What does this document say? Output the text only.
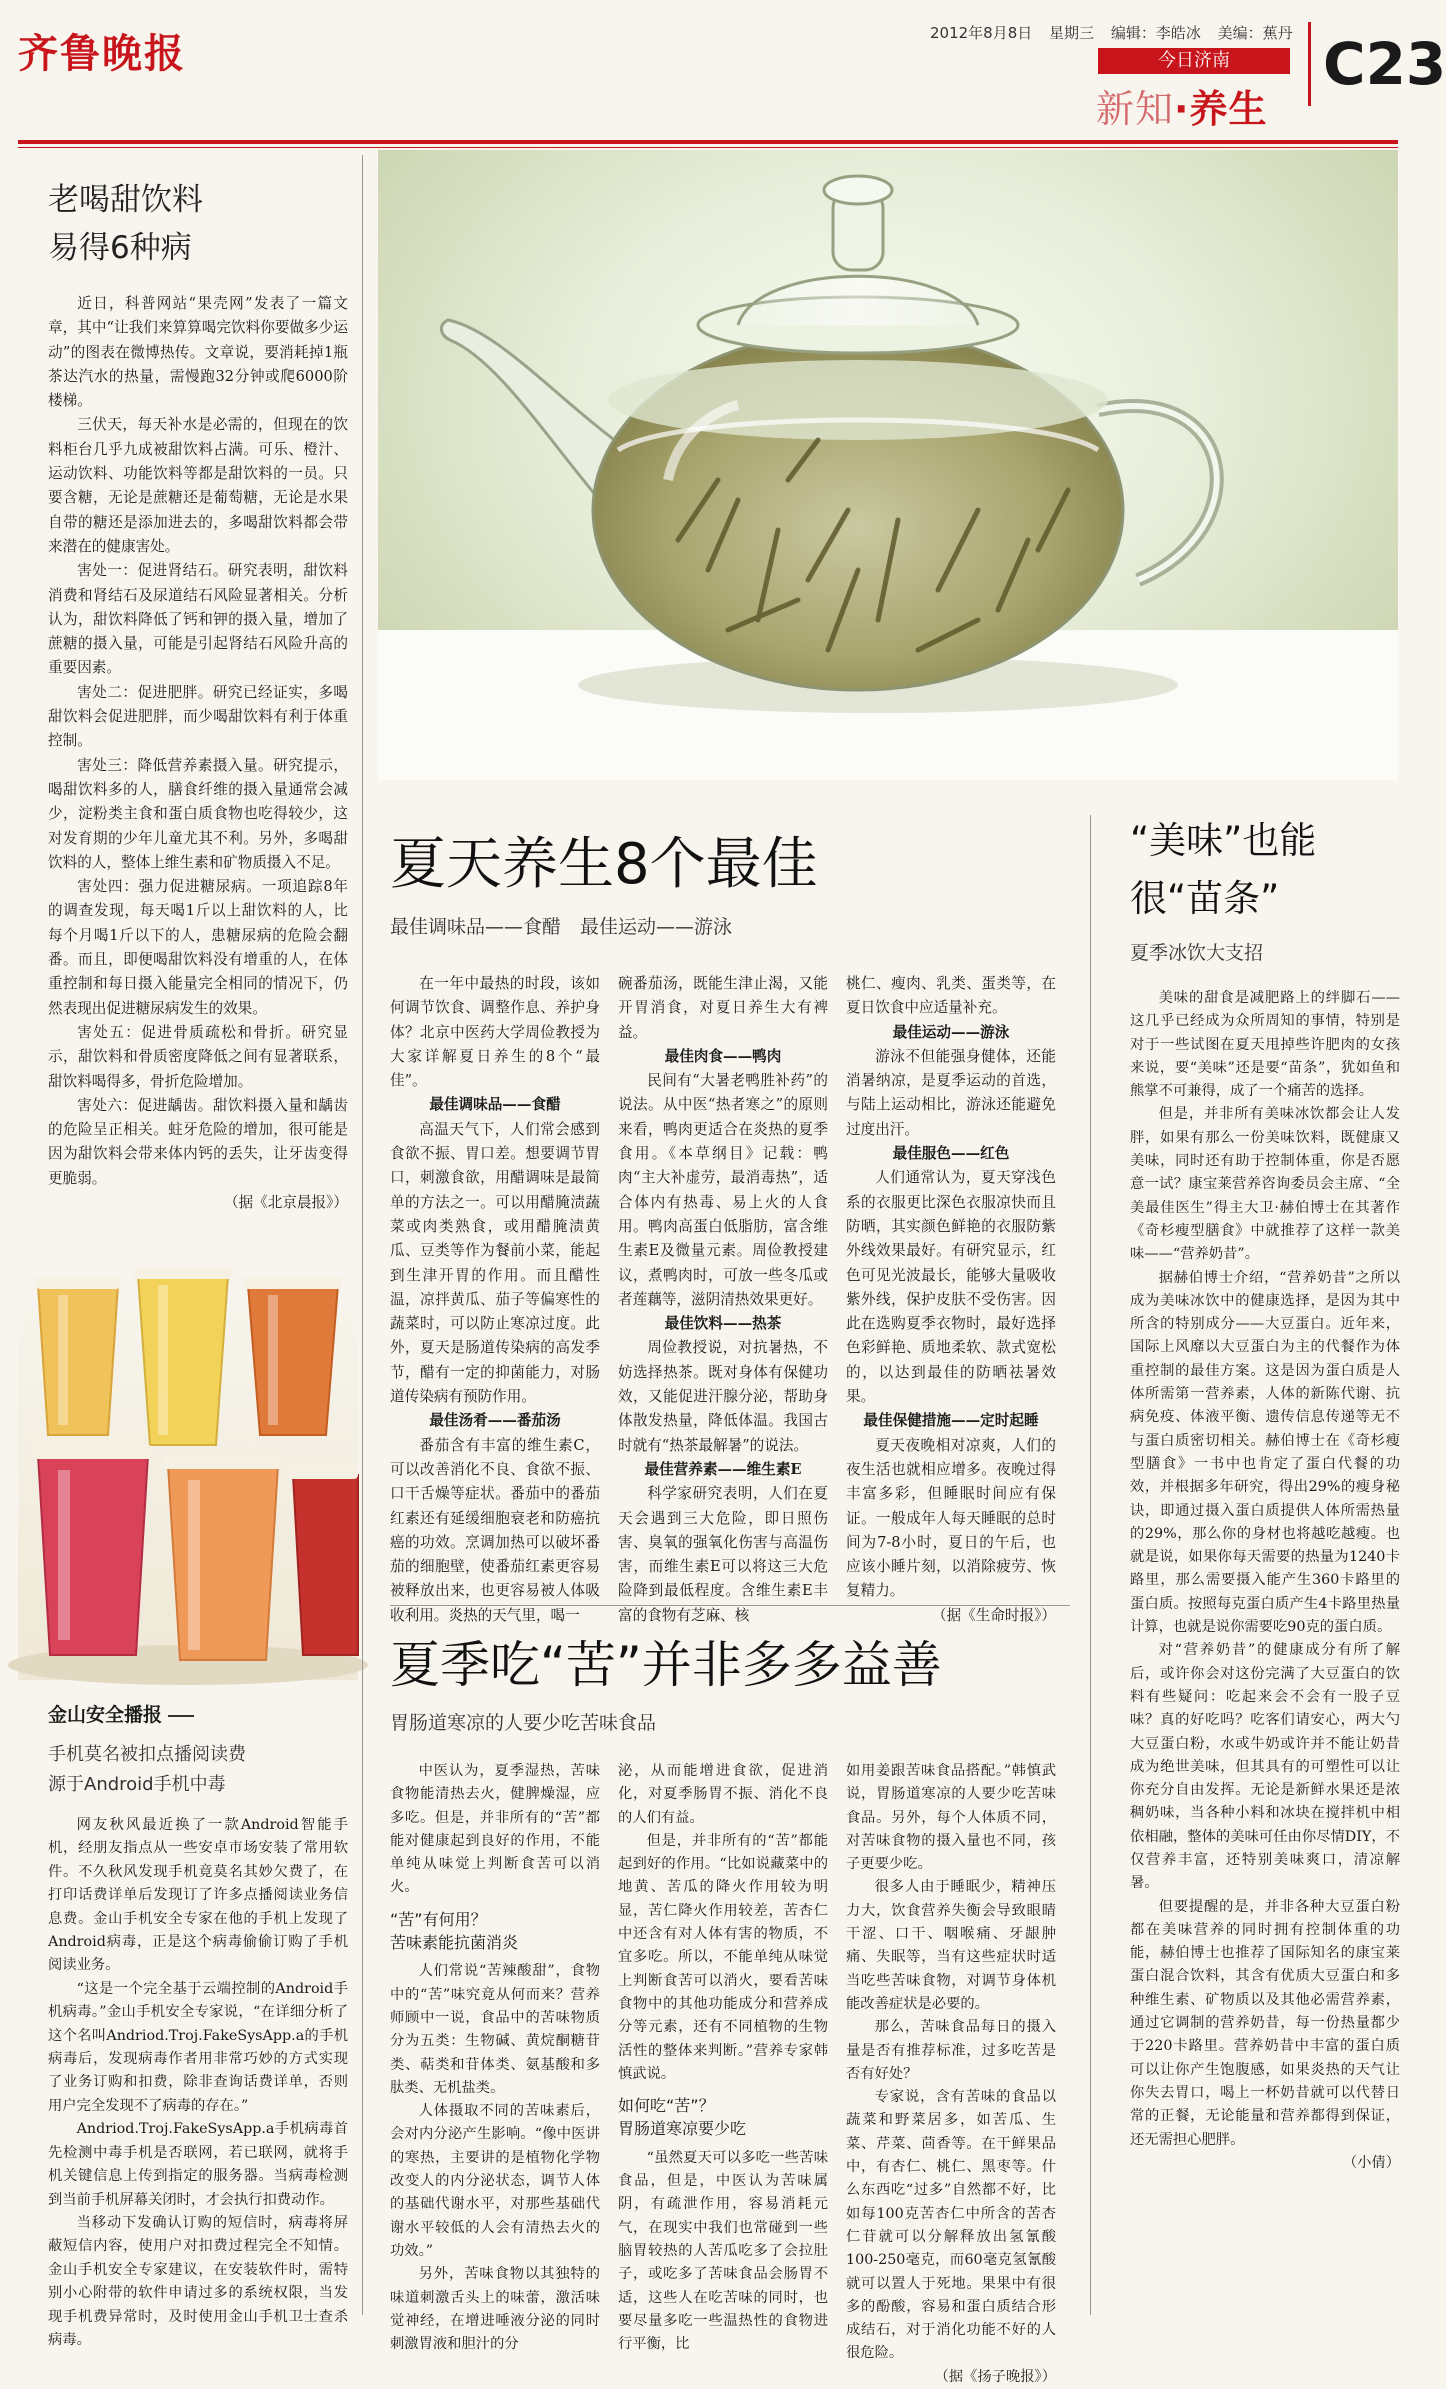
齐鲁晚报	2012年8月8日 星期三 编辑：李皓冰 美编：蕉丹
今日济南
新知·养生
C23
老喝甜饮料
易得6种病

近日，科普网站“果壳网”发表了一篇文章，其中“让我们来算算喝完饮料你要做多少运动”的图表在微博热传。文章说，要消耗掉1瓶茶达汽水的热量，需慢跑32分钟或爬6000阶楼梯。

三伏天，每天补水是必需的，但现在的饮料柜台几乎九成被甜饮料占满。可乐、橙汁、运动饮料、功能饮料等都是甜饮料的一员。只要含糖，无论是蔗糖还是葡萄糖，无论是水果自带的糖还是添加进去的，多喝甜饮料都会带来潜在的健康害处。

害处一：促进肾结石。研究表明，甜饮料消费和肾结石及尿道结石风险显著相关。分析认为，甜饮料降低了钙和钾的摄入量，增加了蔗糖的摄入量，可能是引起肾结石风险升高的重要因素。

害处二：促进肥胖。研究已经证实，多喝甜饮料会促进肥胖，而少喝甜饮料有利于体重控制。

害处三：降低营养素摄入量。研究提示，喝甜饮料多的人，膳食纤维的摄入量通常会减少，淀粉类主食和蛋白质食物也吃得较少，这对发育期的少年儿童尤其不利。另外，多喝甜饮料的人，整体上维生素和矿物质摄入不足。

害处四：强力促进糖尿病。一项追踪8年的调查发现，每天喝1斤以上甜饮料的人，比每个月喝1斤以下的人，患糖尿病的危险会翻番。而且，即便喝甜饮料没有增重的人，在体重控制和每日摄入能量完全相同的情况下，仍然表现出促进糖尿病发生的效果。

害处五：促进骨质疏松和骨折。研究显示，甜饮料和骨质密度降低之间有显著联系，甜饮料喝得多，骨折危险增加。

害处六：促进龋齿。甜饮料摄入量和龋齿的危险呈正相关。蛀牙危险的增加，很可能是因为甜饮料会带来体内钙的丢失，让牙齿变得更脆弱。

（据《北京晨报》）

金山安全播报
手机莫名被扣点播阅读费
源于Android手机中毒

网友秋风最近换了一款Android智能手机，经朋友指点从一些安卓市场安装了常用软件。不久秋风发现手机竟莫名其妙欠费了，在打印话费详单后发现订了许多点播阅读业务信息费。金山手机安全专家在他的手机上发现了Android病毒，正是这个病毒偷偷订购了手机阅读业务。

“这是一个完全基于云端控制的Android手机病毒。”金山手机安全专家说，“在详细分析了这个名叫Andriod.Troj.FakeSysApp.a的手机病毒后，发现病毒作者用非常巧妙的方式实现了业务订购和扣费，除非查询话费详单，否则用户完全发现不了病毒的存在。”

Andriod.Troj.FakeSysApp.a手机病毒首先检测中毒手机是否联网，若已联网，就将手机关键信息上传到指定的服务器。当病毒检测到当前手机屏幕关闭时，才会执行扣费动作。

当移动下发确认订购的短信时，病毒将屏蔽短信内容，使用户对扣费过程完全不知情。金山手机安全专家建议，在安装软件时，需特别小心附带的软件申请过多的系统权限，当发现手机费异常时，及时使用金山手机卫士查杀病毒。

夏天养生8个最佳
最佳调味品——食醋　最佳运动——游泳

在一年中最热的时段，该如何调节饮食、调整作息、养护身体？北京中医药大学周俭教授为大家详解夏日养生的8个“最佳”。

最佳调味品——食醋

高温天气下，人们常会感到食欲不振、胃口差。想要调节胃口，刺激食欲，用醋调味是最简单的方法之一。可以用醋腌渍蔬菜或肉类熟食，或用醋腌渍黄瓜、豆类等作为餐前小菜，能起到生津开胃的作用。而且醋性温，凉拌黄瓜、茄子等偏寒性的蔬菜时，可以防止寒凉过度。此外，夏天是肠道传染病的高发季节，醋有一定的抑菌能力，对肠道传染病有预防作用。

最佳汤肴——番茄汤

番茄含有丰富的维生素C，可以改善消化不良、食欲不振、口干舌燥等症状。番茄中的番茄红素还有延缓细胞衰老和防癌抗癌的功效。烹调加热可以破坏番茄的细胞壁，使番茄红素更容易被释放出来，也更容易被人体吸收利用。炎热的天气里，喝一

碗番茄汤，既能生津止渴，又能开胃消食，对夏日养生大有裨益。

最佳肉食——鸭肉

民间有“大暑老鸭胜补药”的说法。从中医“热者寒之”的原则来看，鸭肉更适合在炎热的夏季食用。《本草纲目》记载：鸭肉“主大补虚劳，最消毒热”，适合体内有热毒、易上火的人食用。鸭肉高蛋白低脂肪，富含维生素E及微量元素。周俭教授建议，煮鸭肉时，可放一些冬瓜或者莲藕等，滋阴清热效果更好。

最佳饮料——热茶

周俭教授说，对抗暑热，不妨选择热茶。既对身体有保健功效，又能促进汗腺分泌，帮助身体散发热量，降低体温。我国古时就有“热茶最解暑”的说法。

最佳营养素——维生素E

科学家研究表明，人们在夏天会遇到三大危险，即日照伤害、臭氧的强氧化伤害与高温伤害，而维生素E可以将这三大危险降到最低程度。含维生素E丰富的食物有芝麻、核

桃仁、瘦肉、乳类、蛋类等，在夏日饮食中应适量补充。

最佳运动——游泳

游泳不但能强身健体，还能消暑纳凉，是夏季运动的首选，与陆上运动相比，游泳还能避免过度出汗。

最佳服色——红色

人们通常认为，夏天穿浅色系的衣服更比深色衣服凉快而且防晒，其实颜色鲜艳的衣服防紫外线效果最好。有研究显示，红色可见光波最长，能够大量吸收紫外线，保护皮肤不受伤害。因此在选购夏季衣物时，最好选择色彩鲜艳、质地柔软、款式宽松的，以达到最佳的防晒祛暑效果。

最佳保健措施——定时起睡

夏天夜晚相对凉爽，人们的夜生活也就相应增多。夜晚过得丰富多彩，但睡眠时间应有保证。一般成年人每天睡眠的总时间为7-8小时，夏日的午后，也应该小睡片刻，以消除疲劳、恢复精力。

（据《生命时报》）

“美味”也能
很“苗条”
夏季冰饮大支招

美味的甜食是减肥路上的绊脚石——这几乎已经成为众所周知的事情，特别是对于一些试图在夏天甩掉些许肥肉的女孩来说，要“美味”还是要“苗条”，犹如鱼和熊掌不可兼得，成了一个痛苦的选择。

但是，并非所有美味冰饮都会让人发胖，如果有那么一份美味饮料，既健康又美味，同时还有助于控制体重，你是否愿意一试？康宝莱营养咨询委员会主席、“全美最佳医生”得主大卫·赫伯博士在其著作《奇杉瘦型膳食》中就推荐了这样一款美味——“营养奶昔”。

据赫伯博士介绍，“营养奶昔”之所以成为美味冰饮中的健康选择，是因为其中所含的特别成分——大豆蛋白。近年来，国际上风靡以大豆蛋白为主的代餐作为体重控制的最佳方案。这是因为蛋白质是人体所需第一营养素，人体的新陈代谢、抗病免疫、体液平衡、遗传信息传递等无不与蛋白质密切相关。赫伯博士在《奇杉瘦型膳食》一书中也肯定了蛋白代餐的功效，并根据多年研究，得出29%的瘦身秘诀，即通过摄入蛋白质提供人体所需热量的29%，那么你的身材也将越吃越瘦。也就是说，如果你每天需要的热量为1240卡路里，那么需要摄入能产生360卡路里的蛋白质。按照每克蛋白质产生4卡路里热量计算，也就是说你需要吃90克的蛋白质。

对“营养奶昔”的健康成分有所了解后，或许你会对这份完满了大豆蛋白的饮料有些疑问：吃起来会不会有一股子豆味？真的好吃吗？吃客们请安心，两大勺大豆蛋白粉，水或牛奶或许并不能让奶昔成为绝世美味，但其具有的可塑性可以让你充分自由发挥。无论是新鲜水果还是浓稠奶味，当各种小料和冰块在搅拌机中相依相融，整体的美味可任由你尽情DIY，不仅营养丰富，还特别美味爽口，清凉解暑。

但要提醒的是，并非各种大豆蛋白粉都在美味营养的同时拥有控制体重的功能，赫伯博士也推荐了国际知名的康宝莱蛋白混合饮料，其含有优质大豆蛋白和多种维生素、矿物质以及其他必需营养素，通过它调制的营养奶昔，每一份热量都少于220卡路里。营养奶昔中丰富的蛋白质可以让你产生饱腹感，如果炎热的天气让你失去胃口，喝上一杯奶昔就可以代替日常的正餐，无论能量和营养都得到保证，还无需担心肥胖。

（小倩）

夏季吃“苦”并非多多益善
胃肠道寒凉的人要少吃苦味食品

中医认为，夏季湿热，苦味食物能清热去火，健脾燥湿，应多吃。但是，并非所有的“苦”都能对健康起到良好的作用，不能单纯从味觉上判断食苦可以消火。

“苦”有何用？

苦味素能抗菌消炎

人们常说“苦辣酸甜”，食物中的“苦”味究竟从何而来？营养师顾中一说，食品中的苦味物质分为五类：生物碱、黄烷酮糖苷类、萜类和苷体类、氨基酸和多肽类、无机盐类。

人体摄取不同的苦味素后，会对内分泌产生影响。“像中医讲的寒热，主要讲的是植物化学物改变人的内分泌状态，调节人体的基础代谢水平，对那些基础代谢水平较低的人会有清热去火的功效。”

另外，苦味食物以其独特的味道刺激舌头上的味蕾，激活味觉神经，在增进唾液分泌的同时刺激胃液和胆汁的分

泌，从而能增进食欲，促进消化，对夏季肠胃不振、消化不良的人们有益。

但是，并非所有的“苦”都能起到好的作用。“比如说藏菜中的地黄、苦瓜的降火作用较为明显，苦仁降火作用较差，苦杏仁中还含有对人体有害的物质，不宜多吃。所以，不能单纯从味觉上判断食苦可以消火，要看苦味食物中的其他功能成分和营养成分等元素，还有不同植物的生物活性的整体来判断。”营养专家韩慎武说。

如何吃“苦”？

胃肠道寒凉要少吃

“虽然夏天可以多吃一些苦味食品，但是，中医认为苦味属阴，有疏泄作用，容易消耗元气，在现实中我们也常碰到一些脑胃较热的人苦瓜吃多了会拉肚子，或吃多了苦味食品会肠胃不适，这些人在吃苦味的同时，也要尽量多吃一些温热性的食物进行平衡，比

如用姜跟苦味食品搭配。”韩慎武说，胃肠道寒凉的人要少吃苦味食品。另外，每个人体质不同，对苦味食物的摄入量也不同，孩子更要少吃。

很多人由于睡眠少，精神压力大，饮食营养失衡会导致眼睛干涩、口干、咽喉痛、牙龈肿痛、失眠等，当有这些症状时适当吃些苦味食物，对调节身体机能改善症状是必要的。

那么，苦味食品每日的摄入量是否有推荐标准，过多吃苦是否有好处？

专家说，含有苦味的食品以蔬菜和野菜居多，如苦瓜、生菜、芹菜、茴香等。在干鲜果品中，有杏仁、桃仁、黑枣等。什么东西吃“过多”自然都不好，比如每100克苦杏仁中所含的苦杏仁苷就可以分解释放出氢氰酸100-250毫克，而60毫克氢氰酸就可以置人于死地。果果中有很多的酚酸，容易和蛋白质结合形成结石，对于消化功能不好的人很危险。

（据《扬子晚报》）
